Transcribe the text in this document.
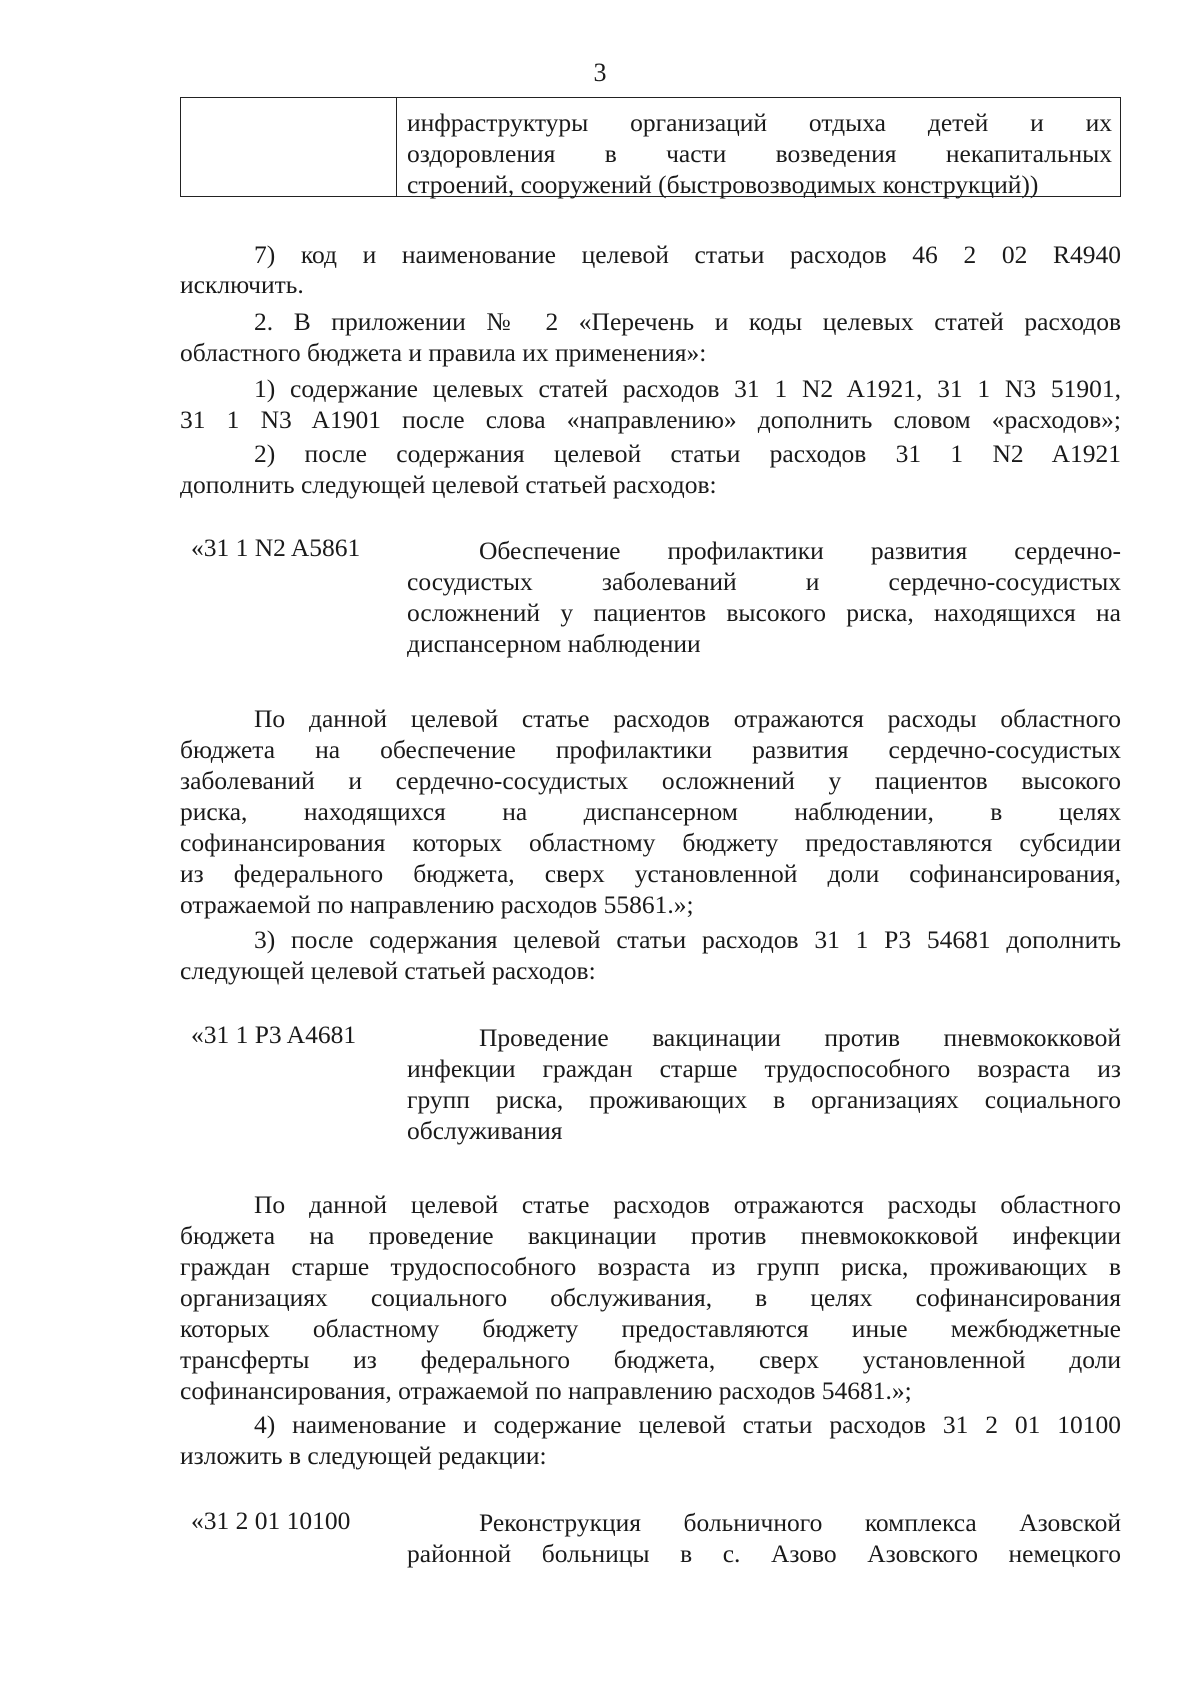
3
инфраструктуры организаций отдыха детей и их
оздоровления в части возведения некапитальных
строений, сооружений (быстровозводимых конструкций))
7) код и наименование целевой статьи расходов 46 2 02 R4940
исключить.
2. В приложении № 2 «Перечень и коды целевых статей расходов
областного бюджета и правила их применения»:
1) содержание целевых статей расходов 31 1 N2 A1921, 31 1 N3 51901,
31 1 N3 A1901 после слова «направлению» дополнить словом «расходов»;
2) после содержания целевой статьи расходов 31 1 N2 A1921
дополнить следующей целевой статьей расходов:
«31 1 N2 A5861	Обеспечение профилактики развития сердечно-
сосудистых заболеваний и сердечно-сосудистых
осложнений у пациентов высокого риска, находящихся на
диспансерном наблюдении
По данной целевой статье расходов отражаются расходы областного
бюджета на обеспечение профилактики развития сердечно-сосудистых
заболеваний и сердечно-сосудистых осложнений у пациентов высокого
риска, находящихся на диспансерном наблюдении, в целях
софинансирования которых областному бюджету предоставляются субсидии
из федерального бюджета, сверх установленной доли софинансирования,
отражаемой по направлению расходов 55861.»;
3) после содержания целевой статьи расходов 31 1 P3 54681 дополнить
следующей целевой статьей расходов:
«31 1 P3 A4681	Проведение вакцинации против пневмококковой
инфекции граждан старше трудоспособного возраста из
групп риска, проживающих в организациях социального
обслуживания
По данной целевой статье расходов отражаются расходы областного
бюджета на проведение вакцинации против пневмококковой инфекции
граждан старше трудоспособного возраста из групп риска, проживающих в
организациях социального обслуживания, в целях софинансирования
которых областному бюджету предоставляются иные межбюджетные
трансферты из федерального бюджета, сверх установленной доли
софинансирования, отражаемой по направлению расходов 54681.»;
4) наименование и содержание целевой статьи расходов 31 2 01 10100
изложить в следующей редакции:
«31 2 01 10100	Реконструкция больничного комплекса Азовской
районной больницы в с. Азово Азовского немецкого
